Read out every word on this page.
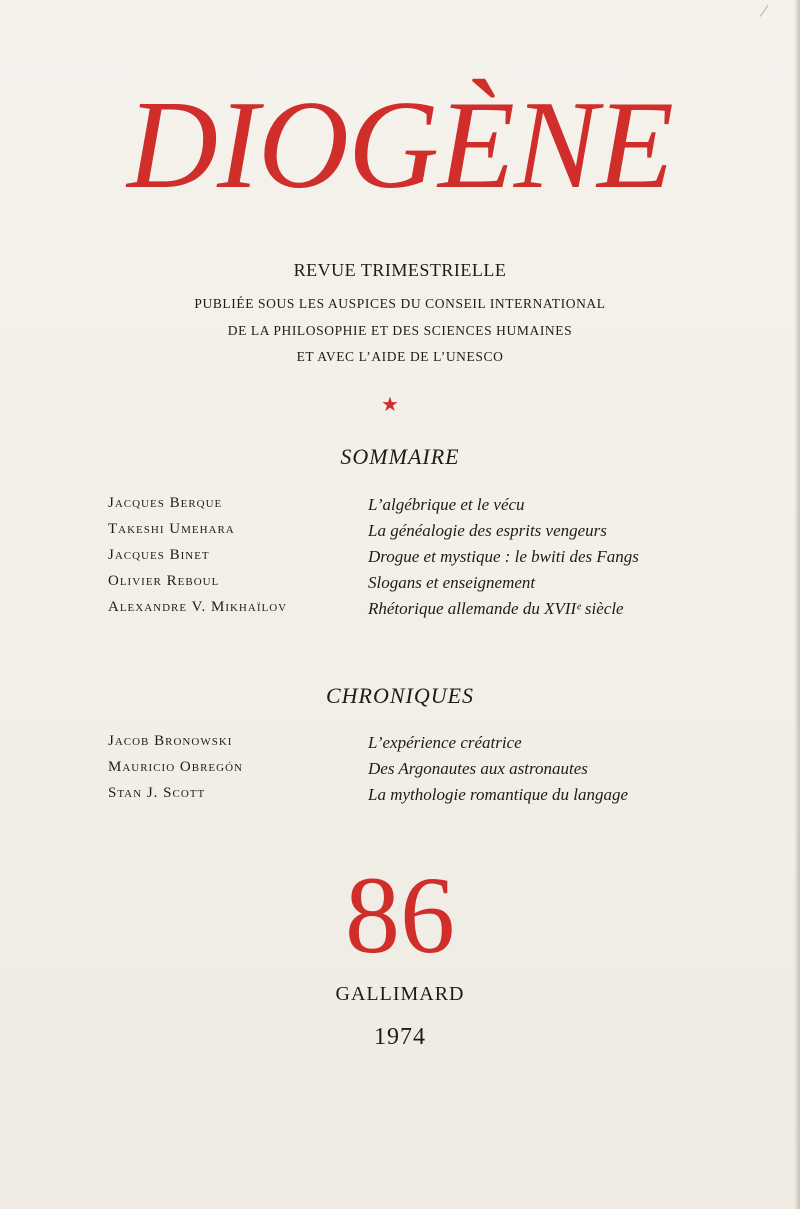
DIOGÈNE
REVUE TRIMESTRIELLE
PUBLIÉE SOUS LES AUSPICES DU CONSEIL INTERNATIONAL
DE LA PHILOSOPHIE ET DES SCIENCES HUMAINES
ET AVEC L’AIDE DE L’UNESCO
★
SOMMAIRE
Jacques Berque	L’algébrique et le vécu
Takeshi Umehara	La généalogie des esprits vengeurs
Jacques Binet	Drogue et mystique : le bwiti des Fangs
Olivier Reboul	Slogans et enseignement
Alexandre V. Mikhaïlov	Rhétorique allemande du XVIIᵉ siècle
CHRONIQUES
Jacob Bronowski	L’expérience créatrice
Mauricio Obregón	Des Argonautes aux astronautes
Stan J. Scott	La mythologie romantique du langage
86
GALLIMARD
1974
